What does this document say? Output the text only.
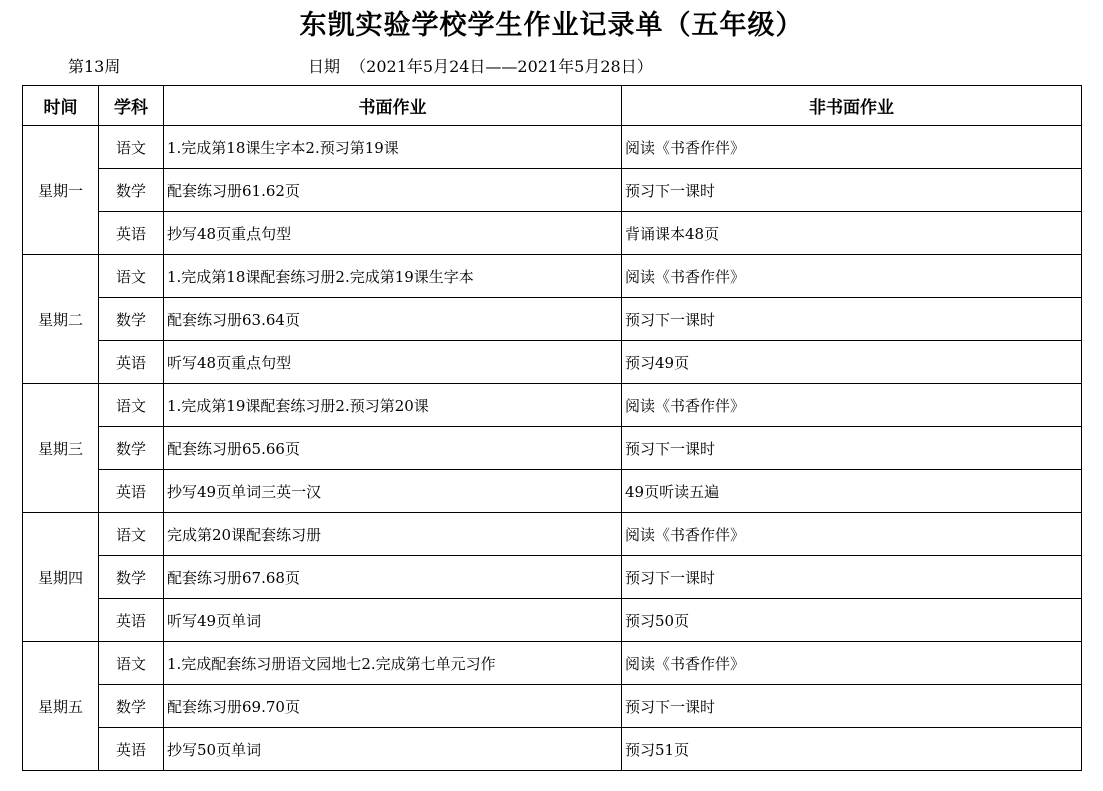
东凯实验学校学生作业记录单（五年级）
第13周	日期  （2021年5月24日——2021年5月28日）
时间	学科	书面作业	非书面作业
星期一	语文	1.完成第18课生字本2.预习第19课	阅读《书香作伴》
	数学	配套练习册61.62页	预习下一课时
	英语	抄写48页重点句型	背诵课本48页
星期二	语文	1.完成第18课配套练习册2.完成第19课生字本	阅读《书香作伴》
	数学	配套练习册63.64页	预习下一课时
	英语	听写48页重点句型	预习49页
星期三	语文	1.完成第19课配套练习册2.预习第20课	阅读《书香作伴》
	数学	配套练习册65.66页	预习下一课时
	英语	抄写49页单词三英一汉	49页听读五遍
星期四	语文	完成第20课配套练习册	阅读《书香作伴》
	数学	配套练习册67.68页	预习下一课时
	英语	听写49页单词	预习50页
星期五	语文	1.完成配套练习册语文园地七2.完成第七单元习作	阅读《书香作伴》
	数学	配套练习册69.70页	预习下一课时
	英语	抄写50页单词	预习51页
